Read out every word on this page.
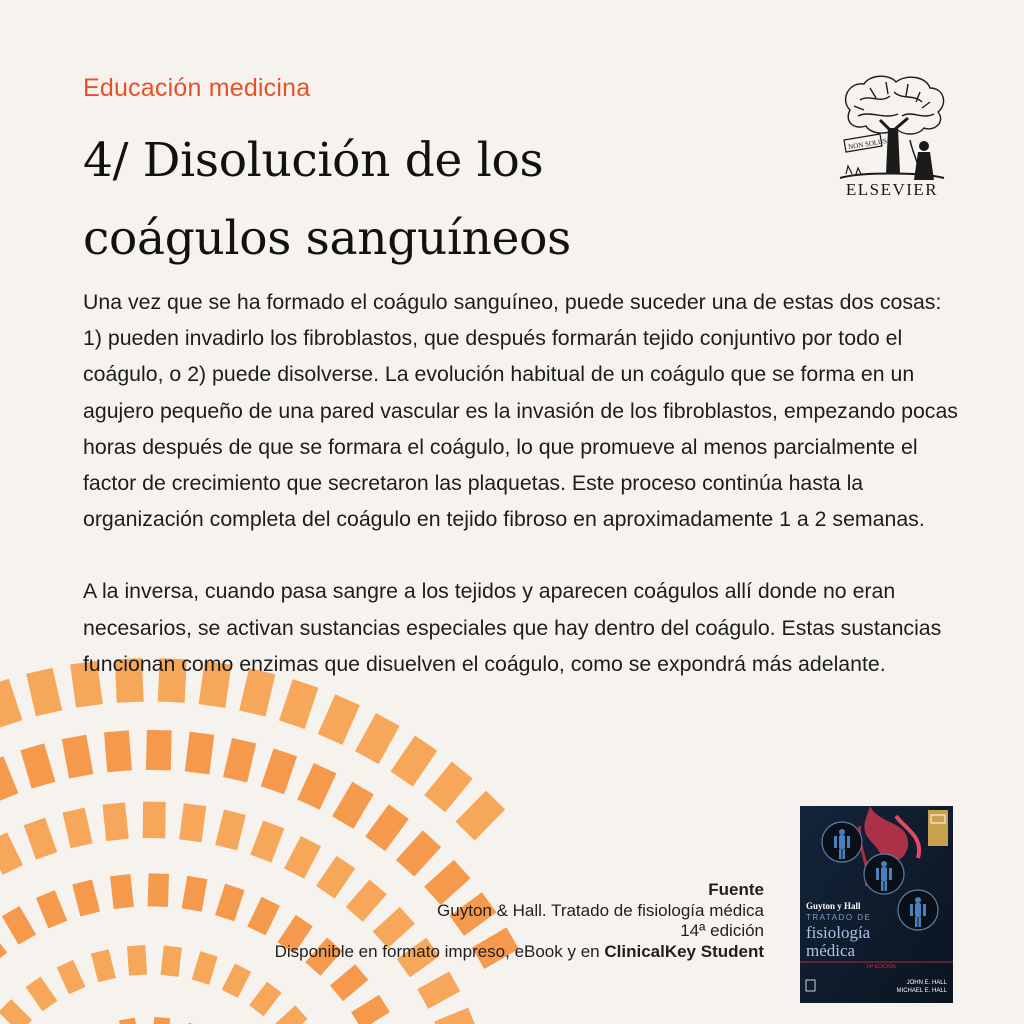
Educación medicina
4/ Disolución de los
coágulos sanguíneos
NON SOLUS
ELSEVIER

Una vez que se ha formado el coágulo sanguíneo, puede suceder una de estas dos cosas: 1) pueden invadirlo los fibroblastos, que después formarán tejido conjuntivo por todo el coágulo, o 2) puede disolverse. La evolución habitual de un coágulo que se forma en un agujero pequeño de una pared vascular es la invasión de los fibroblastos, empezando pocas horas después de que se formara el coágulo, lo que promueve al menos parcialmente el factor de crecimiento que secretaron las plaquetas. Este proceso continúa hasta la organización completa del coágulo en tejido fibroso en aproximadamente 1 a 2 semanas.

A la inversa, cuando pasa sangre a los tejidos y aparecen coágulos allí donde no eran necesarios, se activan sustancias especiales que hay dentro del coágulo. Estas sustancias funcionan como enzimas que disuelven el coágulo, como se expondrá más adelante.

Fuente
Guyton & Hall. Tratado de fisiología médica
14ª edición
Disponible en formato impreso, eBook y en ClinicalKey Student
Guyton y Hall
TRATADO DE
fisiología
médica
14ª EDICIÓN
JOHN E. HALL
MICHAEL E. HALL
